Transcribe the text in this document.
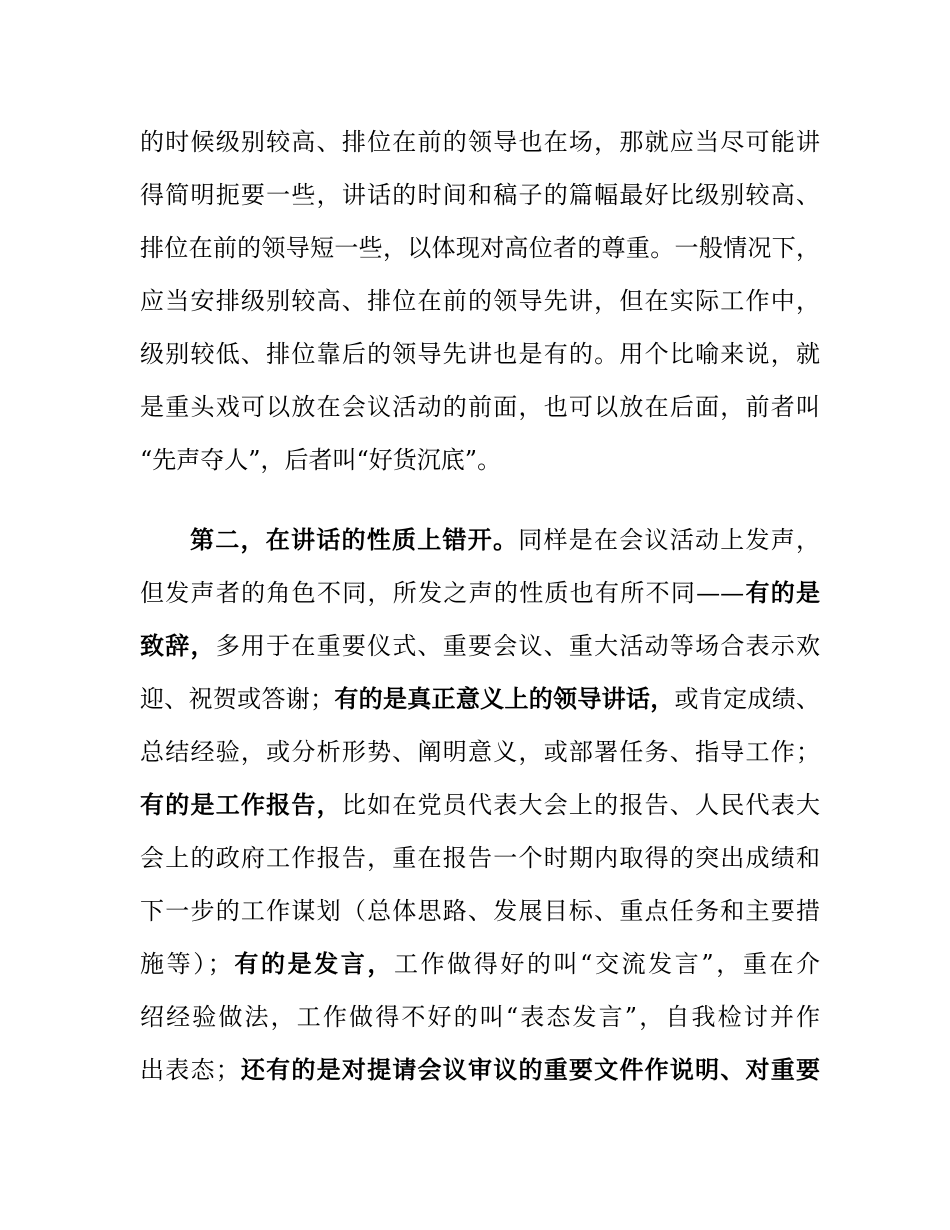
的时候级别较高、排位在前的领导也在场，那就应当尽可能讲
得简明扼要一些，讲话的时间和稿子的篇幅最好比级别较高、
排位在前的领导短一些，以体现对高位者的尊重。一般情况下，
应当安排级别较高、排位在前的领导先讲，但在实际工作中，
级别较低、排位靠后的领导先讲也是有的。用个比喻来说，就
是重头戏可以放在会议活动的前面，也可以放在后面，前者叫
“先声夺人”，后者叫“好货沉底”。
第二，在讲话的性质上错开。同样是在会议活动上发声，
但发声者的角色不同，所发之声的性质也有所不同——有的是
致辞，多用于在重要仪式、重要会议、重大活动等场合表示欢
迎、祝贺或答谢；有的是真正意义上的领导讲话，或肯定成绩、
总结经验，或分析形势、阐明意义，或部署任务、指导工作；
有的是工作报告，比如在党员代表大会上的报告、人民代表大
会上的政府工作报告，重在报告一个时期内取得的突出成绩和
下一步的工作谋划（总体思路、发展目标、重点任务和主要措
施等）；有的是发言，工作做得好的叫“交流发言”，重在介
绍经验做法，工作做得不好的叫“表态发言”，自我检讨并作
出表态；还有的是对提请会议审议的重要文件作说明、对重要
